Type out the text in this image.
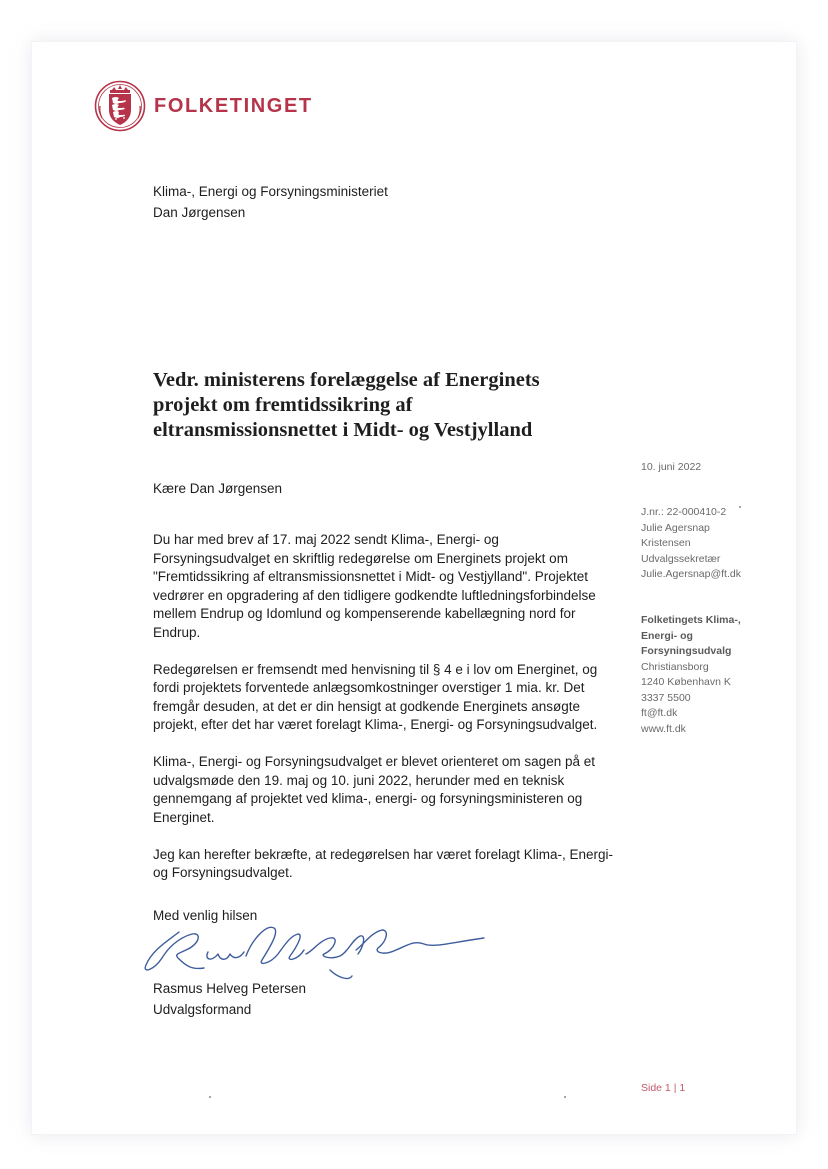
FOLKETINGET
Klima-, Energi og Forsyningsministeriet
Dan Jørgensen
Vedr. ministerens forelæggelse af Energinets
projekt om fremtidssikring af
eltransmissionsnettet i Midt- og Vestjylland
Kære Dan Jørgensen

Du har med brev af 17. maj 2022 sendt Klima-, Energi- og Forsyningsudvalget en skriftlig redegørelse om Energinets projekt om "Fremtidssikring af eltransmissionsnettet i Midt- og Vestjylland". Projektet vedrører en opgradering af den tidligere godkendte luftledningsforbindelse mellem Endrup og Idomlund og kompenserende kabellægning nord for Endrup.

Redegørelsen er fremsendt med henvisning til § 4 e i lov om Energinet, og fordi projektets forventede anlægsomkostninger overstiger 1 mia. kr. Det fremgår desuden, at det er din hensigt at godkende Energinets ansøgte projekt, efter det har været forelagt Klima-, Energi- og Forsyningsudvalget.

Klima-, Energi- og Forsyningsudvalget er blevet orienteret om sagen på et udvalgsmøde den 19. maj og 10. juni 2022, herunder med en teknisk gennemgang af projektet ved klima-, energi- og forsyningsministeren og Energinet.

Jeg kan herefter bekræfte, at redegørelsen har været forelagt Klima-, Energi- og Forsyningsudvalget.

Med venlig hilsen
Rasmus Helveg Petersen
Udvalgsformand
10. juni 2022
J.nr.: 22-000410-2
Julie Agersnap
Kristensen
Udvalgssekretær
Julie.Agersnap@ft.dk
Folketingets Klima-,
Energi- og
Forsyningsudvalg
Christiansborg
1240 København K
3337 5500
ft@ft.dk
www.ft.dk
Side 1 | 1
